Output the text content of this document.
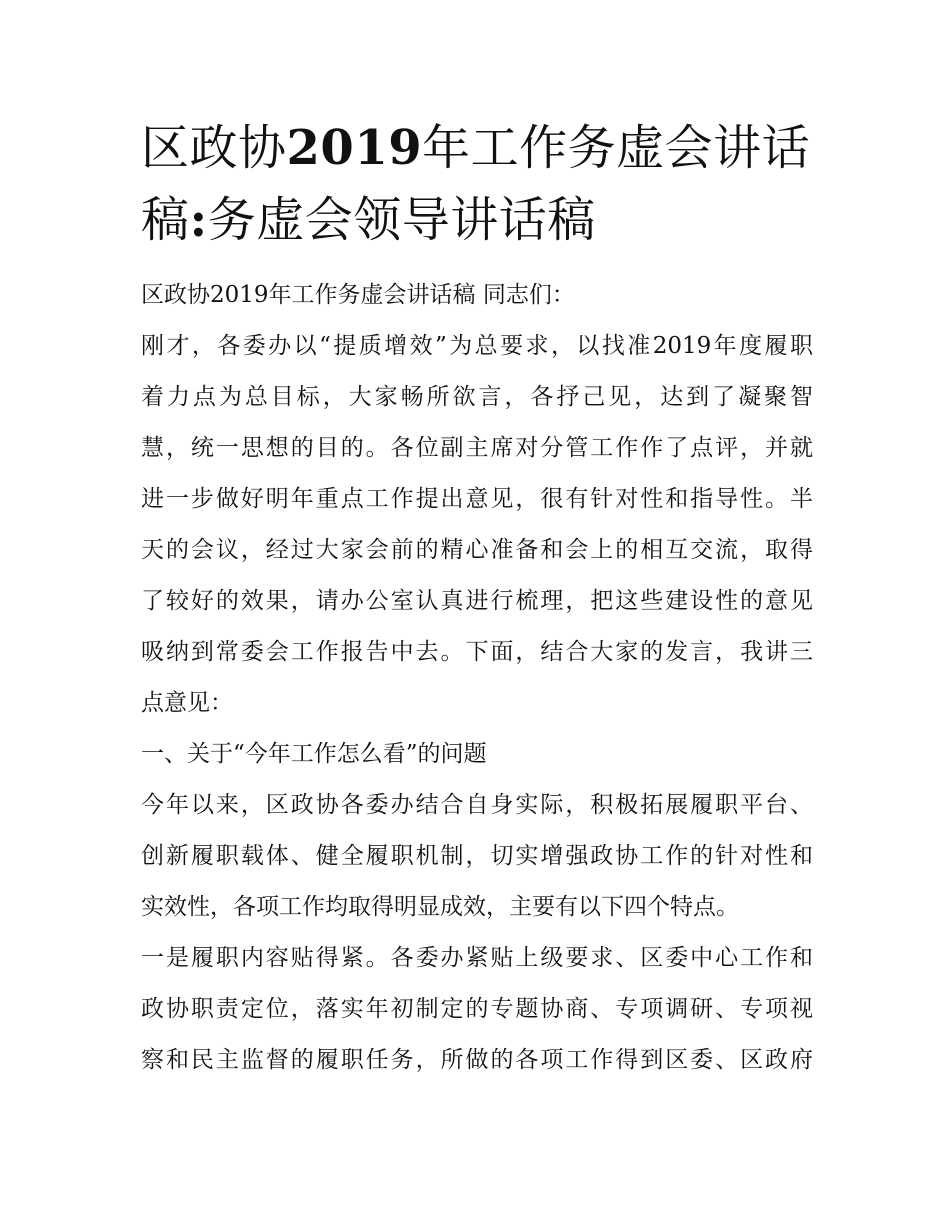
区政协2019年工作务虚会讲话
稿:务虚会领导讲话稿
区政协2019年工作务虚会讲话稿 同志们：
刚才，各委办以“提质增效”为总要求，以找准2019年度履职
着力点为总目标，大家畅所欲言，各抒己见，达到了凝聚智
慧，统一思想的目的。各位副主席对分管工作作了点评，并就
进一步做好明年重点工作提出意见，很有针对性和指导性。半
天的会议，经过大家会前的精心准备和会上的相互交流，取得
了较好的效果，请办公室认真进行梳理，把这些建设性的意见
吸纳到常委会工作报告中去。下面，结合大家的发言，我讲三
点意见：
一、关于“今年工作怎么看”的问题
今年以来，区政协各委办结合自身实际，积极拓展履职平台、
创新履职载体、健全履职机制，切实增强政协工作的针对性和
实效性，各项工作均取得明显成效，主要有以下四个特点。
一是履职内容贴得紧。各委办紧贴上级要求、区委中心工作和
政协职责定位，落实年初制定的专题协商、专项调研、专项视
察和民主监督的履职任务，所做的各项工作得到区委、区政府
